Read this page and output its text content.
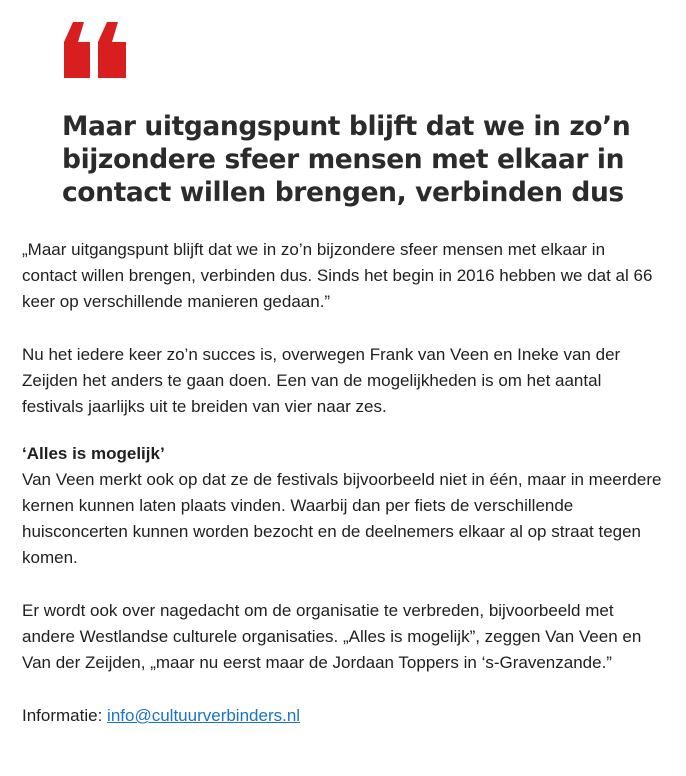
Maar uitgangspunt blijft dat we in zo’n bijzondere sfeer mensen met elkaar in contact willen brengen, verbinden dus

„Maar uitgangspunt blijft dat we in zo’n bijzondere sfeer mensen met elkaar in contact willen brengen, verbinden dus. Sinds het begin in 2016 hebben we dat al 66 keer op verschillende manieren gedaan.”

Nu het iedere keer zo’n succes is, overwegen Frank van Veen en Ineke van der Zeijden het anders te gaan doen. Een van de mogelijkheden is om het aantal festivals jaarlijks uit te breiden van vier naar zes.

‘Alles is mogelijk’

Van Veen merkt ook op dat ze de festivals bijvoorbeeld niet in één, maar in meerdere kernen kunnen laten plaats vinden. Waarbij dan per fiets de verschillende huisconcerten kunnen worden bezocht en de deelnemers elkaar al op straat tegen komen.

Er wordt ook over nagedacht om de organisatie te verbreden, bijvoorbeeld met andere Westlandse culturele organisaties. „Alles is mogelijk”, zeggen Van Veen en Van der Zeijden, „maar nu eerst maar de Jordaan Toppers in ‘s-Gravenzande.”

Informatie: info@cultuurverbinders.nl
